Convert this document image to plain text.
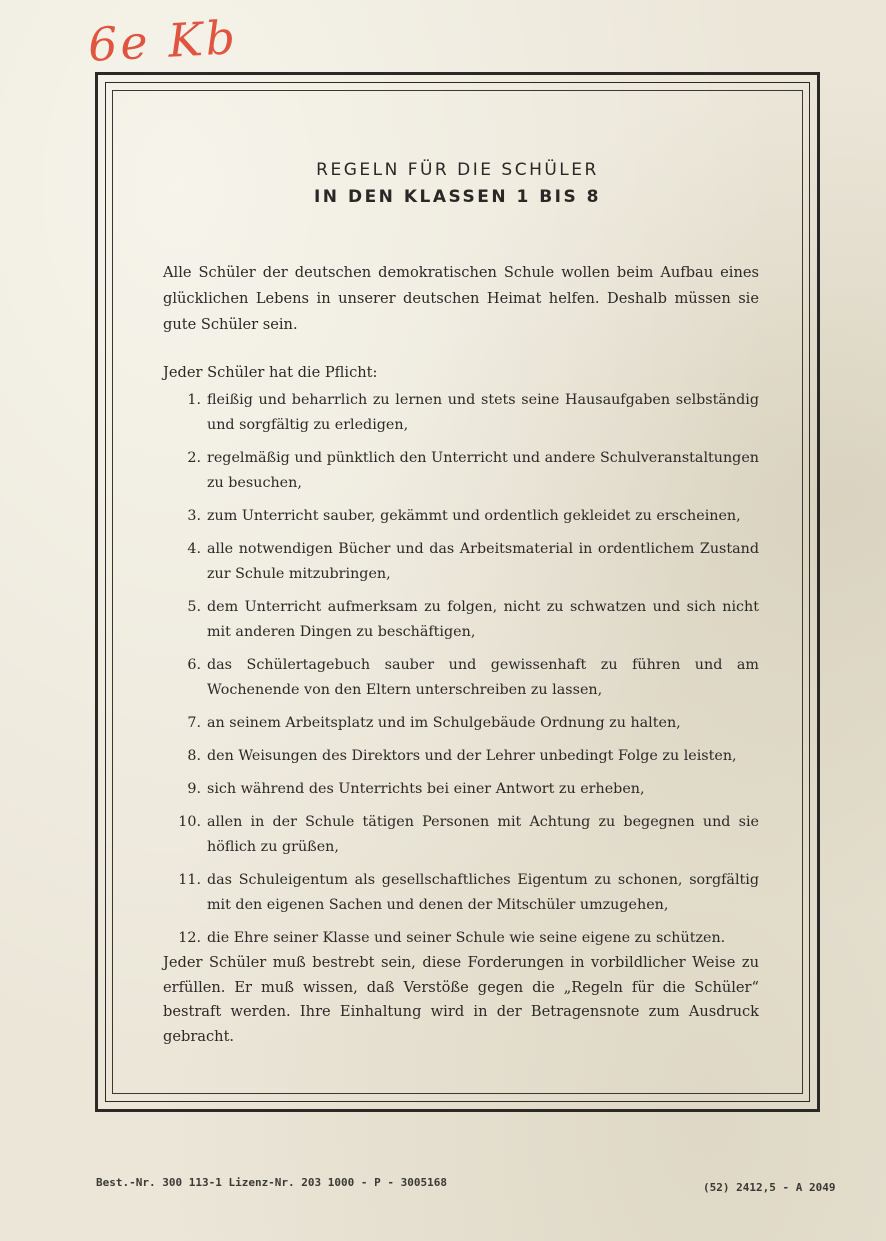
6e Kb
REGELN FÜR DIE SCHÜLER
IN DEN KLASSEN 1 BIS 8

Alle Schüler der deutschen demokratischen Schule wollen beim Aufbau eines glücklichen Lebens in unserer deutschen Heimat helfen. Deshalb müssen sie gute Schüler sein.

Jeder Schüler hat die Pflicht:

1. fleißig und beharrlich zu lernen und stets seine Hausaufgaben selbständig und sorgfältig zu erledigen,
2. regelmäßig und pünktlich den Unterricht und andere Schulveranstaltungen zu besuchen,
3. zum Unterricht sauber, gekämmt und ordentlich gekleidet zu erscheinen,
4. alle notwendigen Bücher und das Arbeitsmaterial in ordentlichem Zustand zur Schule mitzubringen,
5. dem Unterricht aufmerksam zu folgen, nicht zu schwatzen und sich nicht mit anderen Dingen zu beschäftigen,
6. das Schülertagebuch sauber und gewissenhaft zu führen und am Wochenende von den Eltern unterschreiben zu lassen,
7. an seinem Arbeitsplatz und im Schulgebäude Ordnung zu halten,
8. den Weisungen des Direktors und der Lehrer unbedingt Folge zu leisten,
9. sich während des Unterrichts bei einer Antwort zu erheben,
10. allen in der Schule tätigen Personen mit Achtung zu begegnen und sie höflich zu grüßen,
11. das Schuleigentum als gesellschaftliches Eigentum zu schonen, sorgfältig mit den eigenen Sachen und denen der Mitschüler umzugehen,
12. die Ehre seiner Klasse und seiner Schule wie seine eigene zu schützen.

Jeder Schüler muß bestrebt sein, diese Forderungen in vorbildlicher Weise zu erfüllen. Er muß wissen, daß Verstöße gegen die „Regeln für die Schüler“ bestraft werden. Ihre Einhaltung wird in der Betragensnote zum Ausdruck gebracht.

Best.-Nr. 300 113-1 Lizenz-Nr. 203 1000 - P - 3005168	(52) 2412,5 - A 2049
